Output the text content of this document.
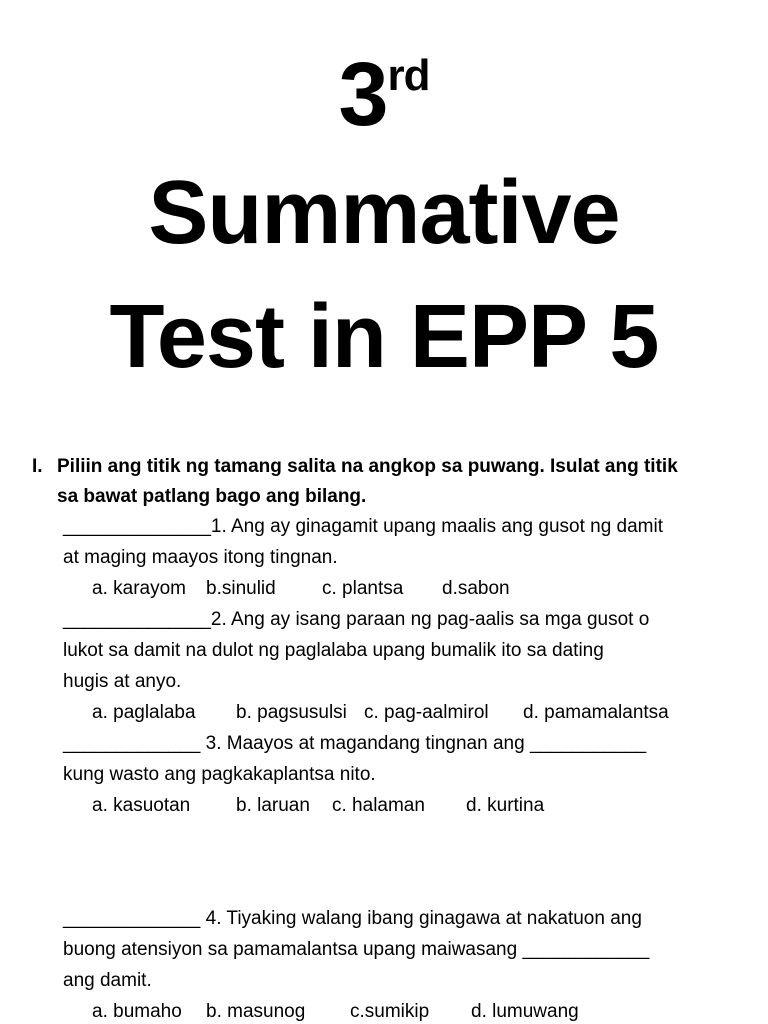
3rd
Summative
Test in EPP 5
I. Piliin ang titik ng tamang salita na angkop sa puwang. Isulat ang titik
sa bawat patlang bago ang bilang.
______________1. Ang ay ginagamit upang maalis ang gusot ng damit
at maging maayos itong tingnan.
a. karayom b.sinulid c. plantsa d.sabon
______________2. Ang ay isang paraan ng pag-aalis sa mga gusot o
lukot sa damit na dulot ng paglalaba upang bumalik ito sa dating
hugis at anyo.
a. paglalaba b. pagsusulsi c. pag-aalmirol d. pamamalantsa
_____________ 3. Maayos at magandang tingnan ang ___________
kung wasto ang pagkakaplantsa nito.
a. kasuotan b. laruan c. halaman d. kurtina
_____________ 4. Tiyaking walang ibang ginagawa at nakatuon ang
buong atensiyon sa pamamalantsa upang maiwasang ____________
ang damit.
a. bumaho b. masunog c.sumikip d. lumuwang
